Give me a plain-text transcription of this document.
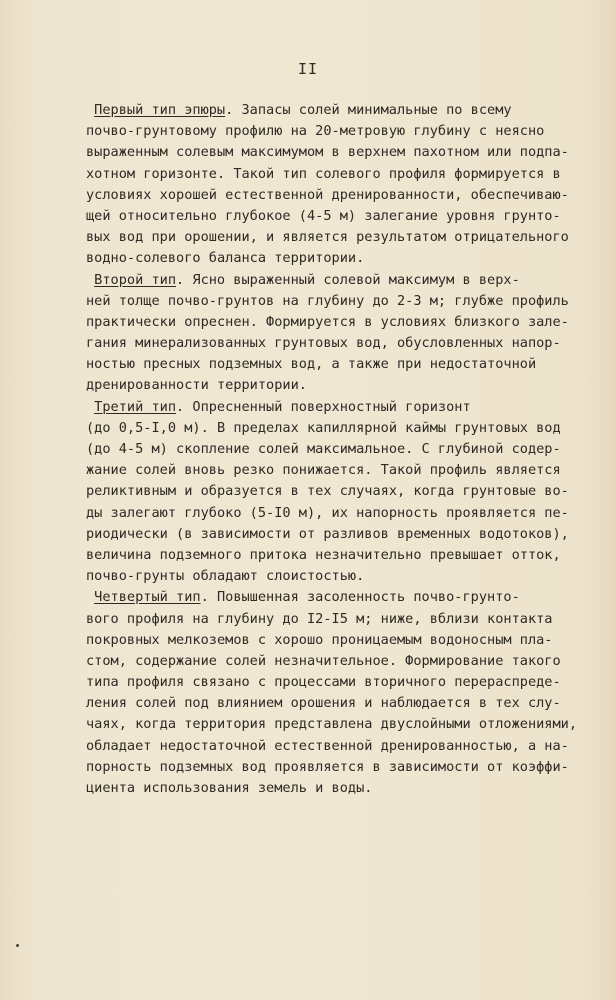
II
Первый тип эпюры. Запасы солей минимальные по всему
почво-грунтовому профилю на 20-метровую глубину с неясно
выраженным солевым максимумом в верхнем пахотном или подпа-
хотном горизонте. Такой тип солевого профиля формируется в
условиях хорошей естественной дренированности, обеспечиваю-
щей относительно глубокое (4-5 м) залегание уровня грунто-
вых вод при орошении, и является результатом отрицательного
водно-солевого баланса территории.
Второй тип. Ясно выраженный солевой максимум в верх-
ней толще почво-грунтов на глубину до 2-3 м; глубже профиль
практически опреснен. Формируется в условиях близкого зале-
гания минерализованных грунтовых вод, обусловленных напор-
ностью пресных подземных вод, а также при недостаточной
дренированности территории.
Третий тип. Опресненный поверхностный горизонт
(до 0,5-I,0 м). В пределах капиллярной каймы грунтовых вод
(до 4-5 м) скопление солей максимальное. С глубиной содер-
жание солей вновь резко понижается. Такой профиль является
реликтивным и образуется в тех случаях, когда грунтовые во-
ды залегают глубоко (5-I0 м), их напорность проявляется пе-
риодически (в зависимости от разливов временных водотоков),
величина подземного притока незначительно превышает отток,
почво-грунты обладают слоистостью.
Четвертый тип. Повышенная засоленность почво-грунто-
вого профиля на глубину до I2-I5 м; ниже, вблизи контакта
покровных мелкоземов с хорошо проницаемым водоносным пла-
стом, содержание солей незначительное. Формирование такого
типа профиля связано с процессами вторичного перераспреде-
ления солей под влиянием орошения и наблюдается в тех слу-
чаях, когда территория представлена двуслойными отложениями,
обладает недостаточной естественной дренированностью, а на-
порность подземных вод проявляется в зависимости от коэффи-
циента использования земель и воды.
